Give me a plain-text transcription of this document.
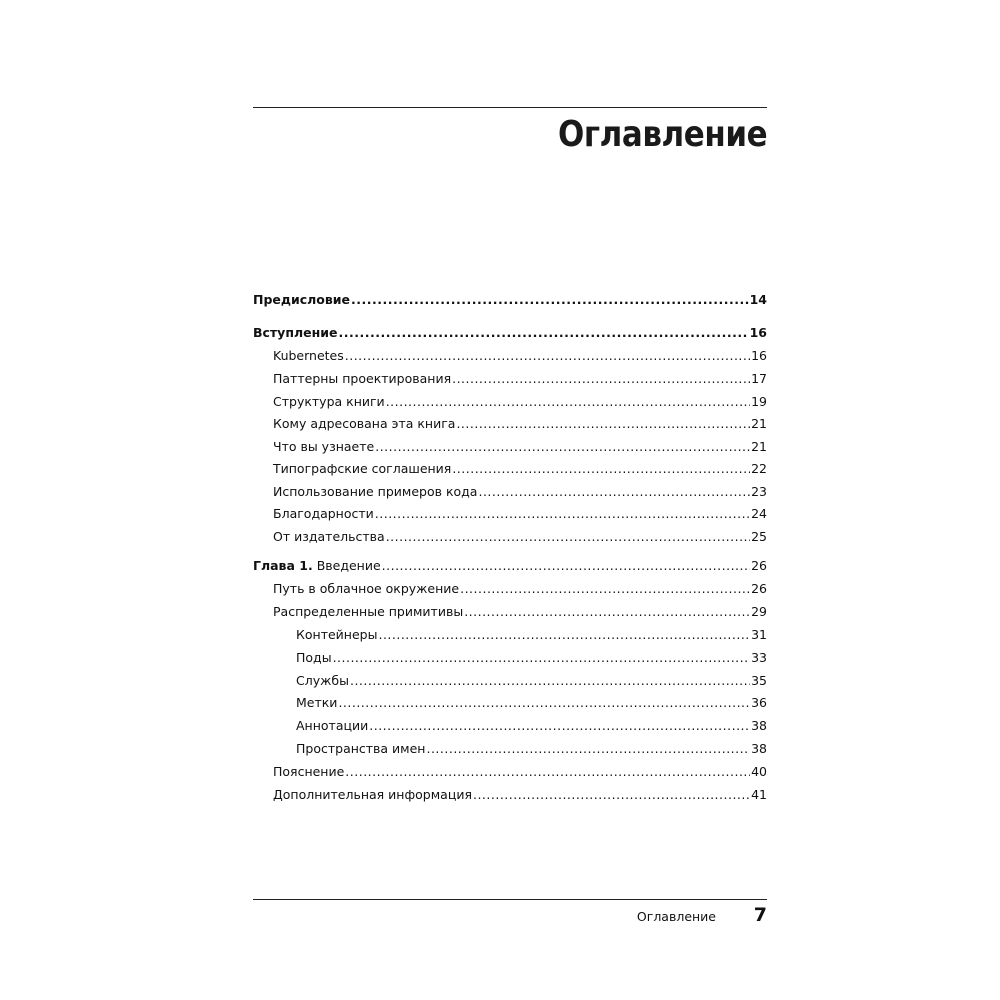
Оглавление
Предисловие .....	14
Вступление .....	16
Kubernetes .....	16
Паттерны проектирования .....	17
Структура книги .....	19
Кому адресована эта книга .....	21
Что вы узнаете .....	21
Типографские соглашения .....	22
Использование примеров кода .....	23
Благодарности .....	24
От издательства .....	25
Глава 1. Введение .....	26
Путь в облачное окружение .....	26
Распределенные примитивы .....	29
Контейнеры .....	31
Поды .....	33
Службы .....	35
Метки .....	36
Аннотации .....	38
Пространства имен .....	38
Пояснение .....	40
Дополнительная информация .....	41
Оглавление 7
